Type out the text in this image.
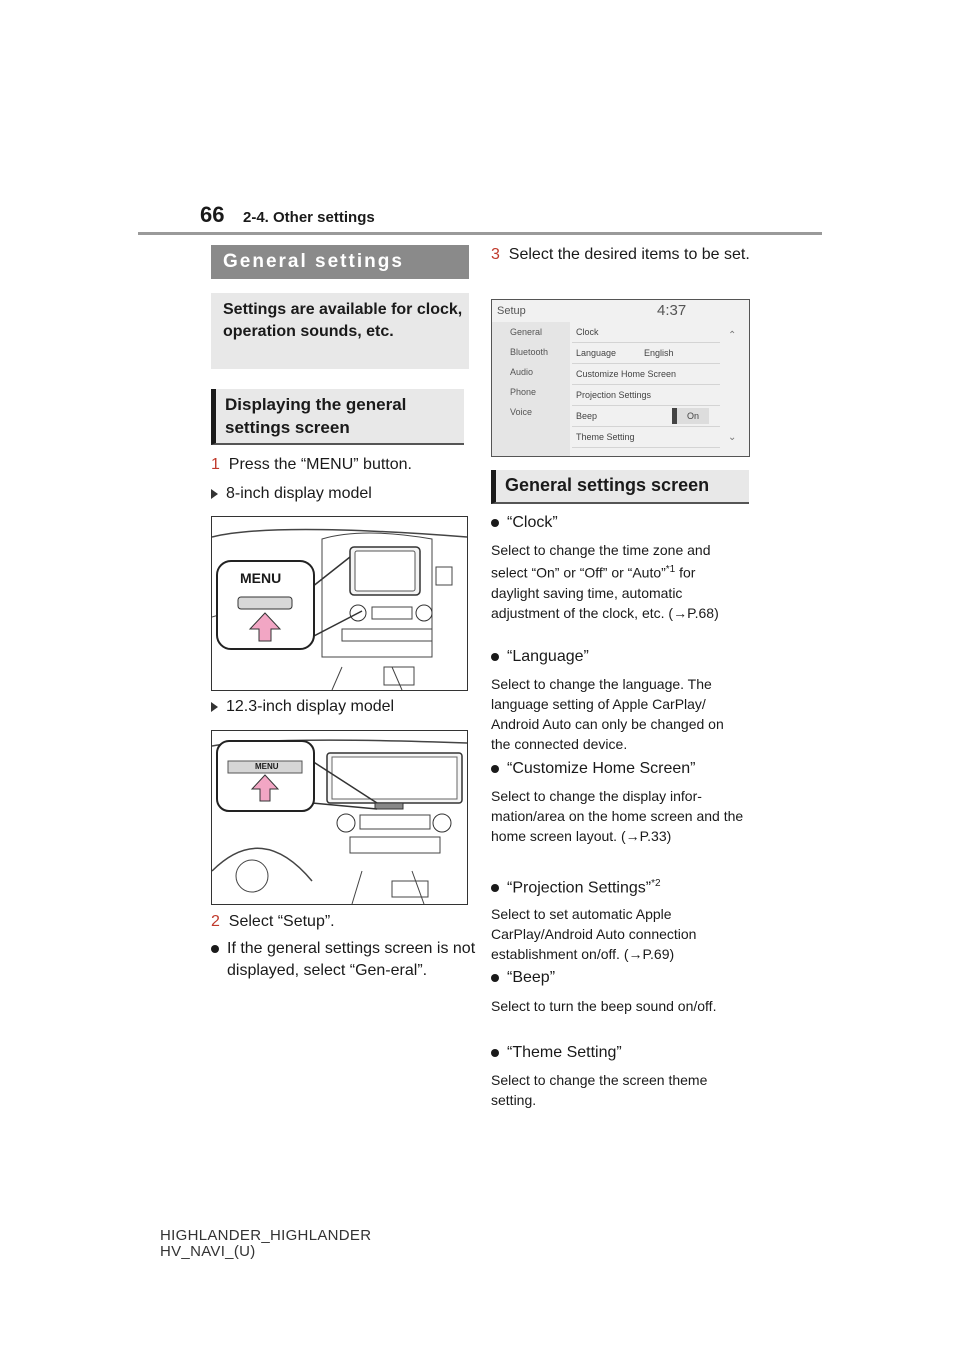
66 2-4. Other settings
General settings
Settings are available for clock, operation sounds, etc.
Displaying the general settings screen
1 Press the “MENU” button.
8-inch display model
MENU
12.3-inch display model
MENU
2 Select “Setup”.
If the general settings screen is not displayed, select “Gen-eral”.
3 Select the desired items to be set.
Setup	4:37
General
Bluetooth
Audio
Phone
Voice
Clock
Language	English
Customize Home Screen
Projection Settings
Beep	On
Theme Setting
⌃
⌄
General settings screen
“Clock”
Select to change the time zone and select “On” or “Off” or “Auto”$^{*1}$ for daylight saving time, automatic adjustment of the clock, etc. (→P.68)
“Language”
Select to change the language. The language setting of Apple CarPlay/ Android Auto can only be changed on the connected device.
“Customize Home Screen”
Select to change the display infor-mation/area on the home screen and the home screen layout. (→P.33)
“Projection Settings”$^{*2}$
Select to set automatic Apple CarPlay/Android Auto connection establishment on/off. (→P.69)
“Beep”
Select to turn the beep sound on/off.
“Theme Setting”
Select to change the screen theme setting.
HIGHLANDER_HIGHLANDER
HV_NAVI_(U)
